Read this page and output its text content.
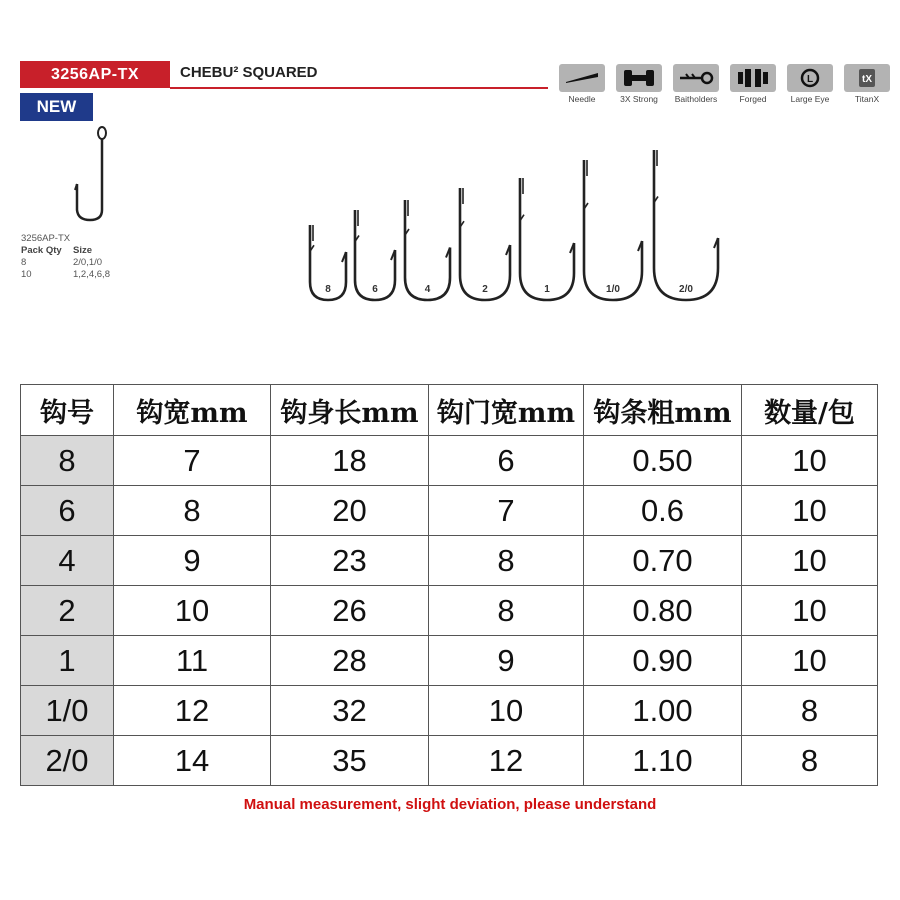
3256AP-TX	CHEBU² SQUARED
NEW	Needle	3X Strong Baitholders	Forged
L
Large Eye
tX
TitanX
3256AP-TX
Pack Qty	Size
8	2/0,1/0
10	1,2,4,6,8
8	6	4	2	1	1/0	2/0
钩号	钩宽mm	钩身长mm	钩门宽mm	钩条粗mm	数量/包
8	7	18	6	0.50	10
6	8	20	7	0.6	10
4	9	23	8	0.70	10
2	10	26	8	0.80	10
1	11	28	9	0.90	10
1/0	12	32	10	1.00	8
2/0	14	35	12	1.10	8
Manual measurement, slight deviation, please understand
